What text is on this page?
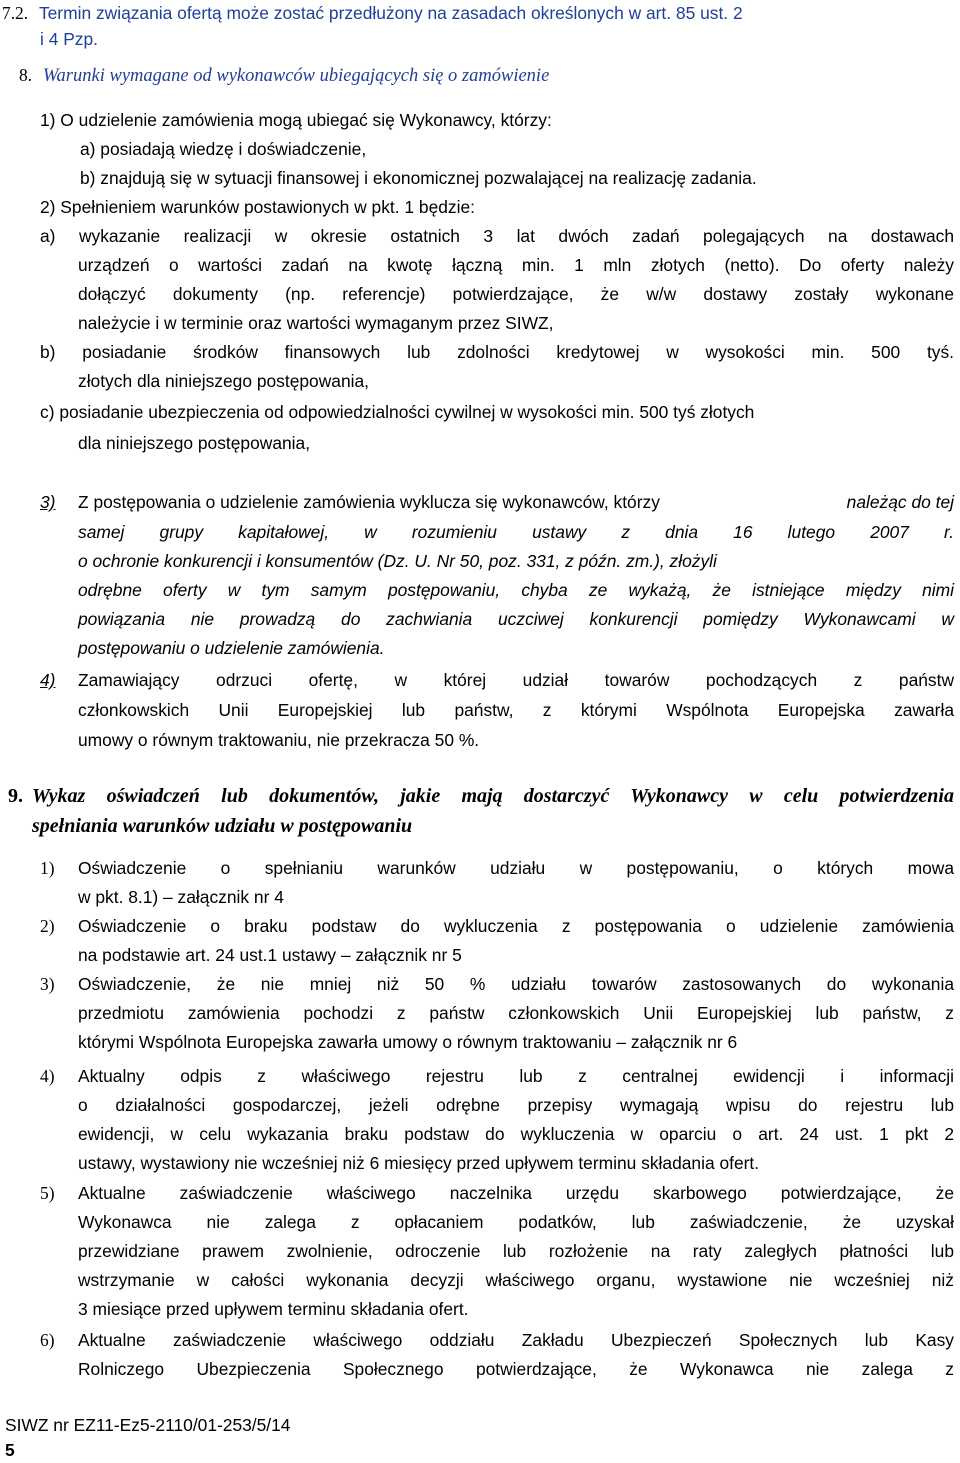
7.2. Termin związania ofertą może zostać przedłużony na zasadach określonych w art. 85 ust. 2
i 4 Pzp.
8. Warunki wymagane od wykonawców ubiegających się o zamówienie
1) O udzielenie zamówienia mogą ubiegać się Wykonawcy, którzy:
a) posiadają wiedzę i doświadczenie,
b) znajdują się w sytuacji finansowej i ekonomicznej pozwalającej na realizację zadania.
2) Spełnieniem warunków postawionych w pkt. 1 będzie:
a) wykazanie realizacji w okresie ostatnich 3 lat dwóch zadań polegających na dostawach
urządzeń o wartości zadań na kwotę łączną min. 1 mln złotych (netto). Do oferty należy
dołączyć dokumenty (np. referencje) potwierdzające, że w/w dostawy zostały wykonane
należycie i w terminie oraz wartości wymaganym przez SIWZ,
b) posiadanie środków finansowych lub zdolności kredytowej w wysokości min. 500 tyś.
złotych dla niniejszego postępowania,
c) posiadanie ubezpieczenia od odpowiedzialności cywilnej w wysokości min. 500 tyś złotych
dla niniejszego postępowania,
3) Z postępowania o udzielenie zamówienia wyklucza się wykonawców, którzy	należąc do tej
samej grupy kapitałowej, w rozumieniu ustawy z dnia 16 lutego 2007 r.
o ochronie konkurencji i konsumentów (Dz. U. Nr 50, poz. 331, z późn. zm.), złożyli
odrębne oferty w tym samym postępowaniu, chyba ze wykażą, że istniejące między nimi
powiązania nie prowadzą do zachwiania uczciwej konkurencji pomiędzy Wykonawcami w
postępowaniu o udzielenie zamówienia.
4) Zamawiający odrzuci ofertę, w której udział towarów pochodzących z państw
członkowskich Unii Europejskiej lub państw, z którymi Wspólnota Europejska zawarła
umowy o równym traktowaniu, nie przekracza 50 %.
9. Wykaz oświadczeń lub dokumentów, jakie mają dostarczyć Wykonawcy w celu potwierdzenia
spełniania warunków udziału w postępowaniu
1) Oświadczenie o spełnianiu warunków udziału w postępowaniu, o których mowa
w pkt. 8.1) – załącznik nr 4
2) Oświadczenie o braku podstaw do wykluczenia z postępowania o udzielenie zamówienia
na podstawie art. 24 ust.1 ustawy – załącznik nr 5
3) Oświadczenie, że nie mniej niż 50 % udziału towarów zastosowanych do wykonania
przedmiotu zamówienia pochodzi z państw członkowskich Unii Europejskiej lub państw, z
którymi Wspólnota Europejska zawarła umowy o równym traktowaniu – załącznik nr 6
4) Aktualny odpis z właściwego rejestru lub z centralnej ewidencji i informacji
o działalności gospodarczej, jeżeli odrębne przepisy wymagają wpisu do rejestru lub
ewidencji, w celu wykazania braku podstaw do wykluczenia w oparciu o art. 24 ust. 1 pkt 2
ustawy, wystawiony nie wcześniej niż 6 miesięcy przed upływem terminu składania ofert.
5) Aktualne zaświadczenie właściwego naczelnika urzędu skarbowego potwierdzające, że
Wykonawca nie zalega z opłacaniem podatków, lub zaświadczenie, że uzyskał
przewidziane prawem zwolnienie, odroczenie lub rozłożenie na raty zaległych płatności lub
wstrzymanie w całości wykonania decyzji właściwego organu, wystawione nie wcześniej niż
3 miesiące przed upływem terminu składania ofert.
6) Aktualne zaświadczenie właściwego oddziału Zakładu Ubezpieczeń Społecznych lub Kasy
Rolniczego Ubezpieczenia Społecznego potwierdzające, że Wykonawca nie zalega z
SIWZ nr EZ11-Ez5-2110/01-253/5/14
5
